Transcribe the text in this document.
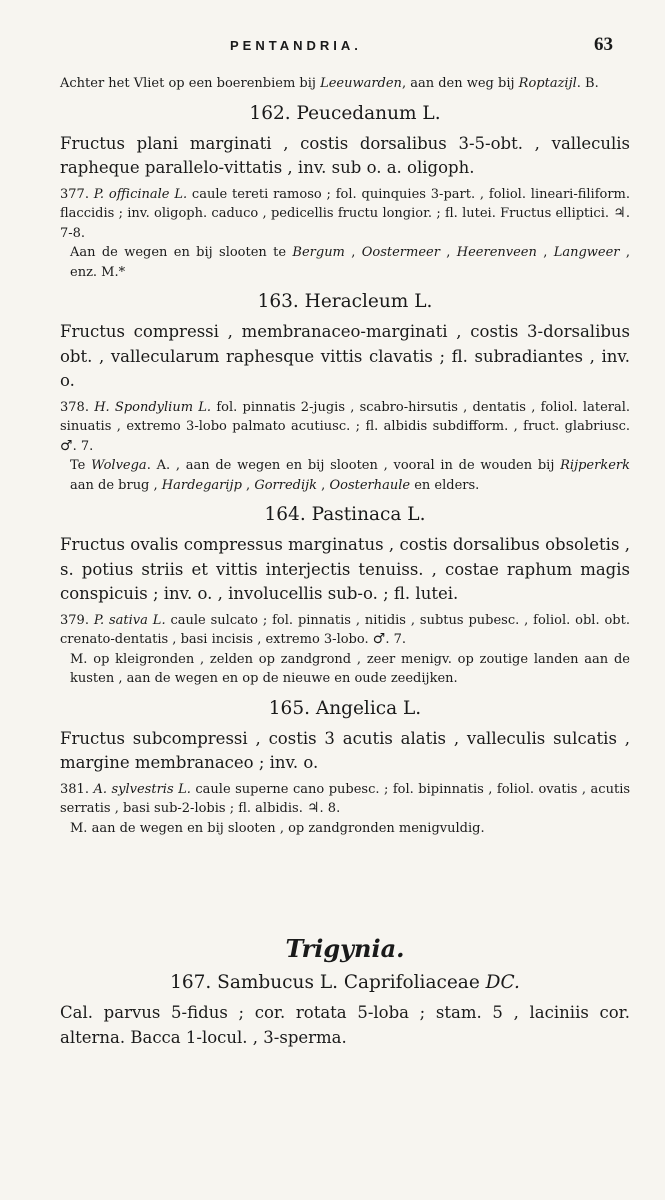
PENTANDRIA.	63
Achter het Vliet op een boerenbiem bij Leeuwarden, aan den weg bij Roptazijl. B.
162. Peucedanum L.
Fructus plani marginati , costis dorsalibus 3-5-obt. , valleculis rapheque parallelo-vittatis , inv. sub o. a. oligoph.
377. P. officinale L. caule tereti ramoso ; fol. quinquies 3-part. , foliol. lineari-filiform. flaccidis ; inv. oligoph. caduco , pedicellis fructu longior. ; fl. lutei. Fructus elliptici. ♃. 7-8.
Aan de wegen en bij slooten te Bergum , Oostermeer , Heerenveen , Langweer , enz. M.*
163. Heracleum L.
Fructus compressi , membranaceo-marginati , costis 3-dorsalibus obt. , vallecularum raphesque vittis clavatis ; fl. subradiantes , inv. o.
378. H. Spondylium L. fol. pinnatis 2-jugis , scabro-hirsutis , dentatis , foliol. lateral. sinuatis , extremo 3-lobo palmato acutiusc. ; fl. albidis subdifform. , fruct. glabriusc. ♂. 7.
Te Wolvega. A. , aan de wegen en bij slooten , vooral in de wouden bij Rijperkerk aan de brug , Hardegarijp , Gorredijk , Oosterhaule en elders.
164. Pastinaca L.
Fructus ovalis compressus marginatus , costis dorsalibus obsoletis , s. potius striis et vittis interjectis tenuiss. , costae raphum magis conspicuis ; inv. o. , involucellis sub-o. ; fl. lutei.
379. P. sativa L. caule sulcato ; fol. pinnatis , nitidis , subtus pubesc. , foliol. obl. obt. crenato-dentatis , basi incisis , extremo 3-lobo. ♂. 7.
M. op kleigronden , zelden op zandgrond , zeer menigv. op zoutige landen aan de kusten , aan de wegen en op de nieuwe en oude zeedijken.
165. Angelica L.
Fructus subcompressi , costis 3 acutis alatis , valleculis sulcatis , margine membranaceo ; inv. o.
381. A. sylvestris L. caule superne cano pubesc. ; fol. bipinnatis , foliol. ovatis , acutis serratis , basi sub-2-lobis ; fl. albidis. ♃. 8.
M. aan de wegen en bij slooten , op zandgronden menigvuldig.
Trigynia.
167. Sambucus L. Caprifoliaceae DC.
Cal. parvus 5-fidus ; cor. rotata 5-loba ; stam. 5 , laciniis cor. alterna. Bacca 1-locul. , 3-sperma.
